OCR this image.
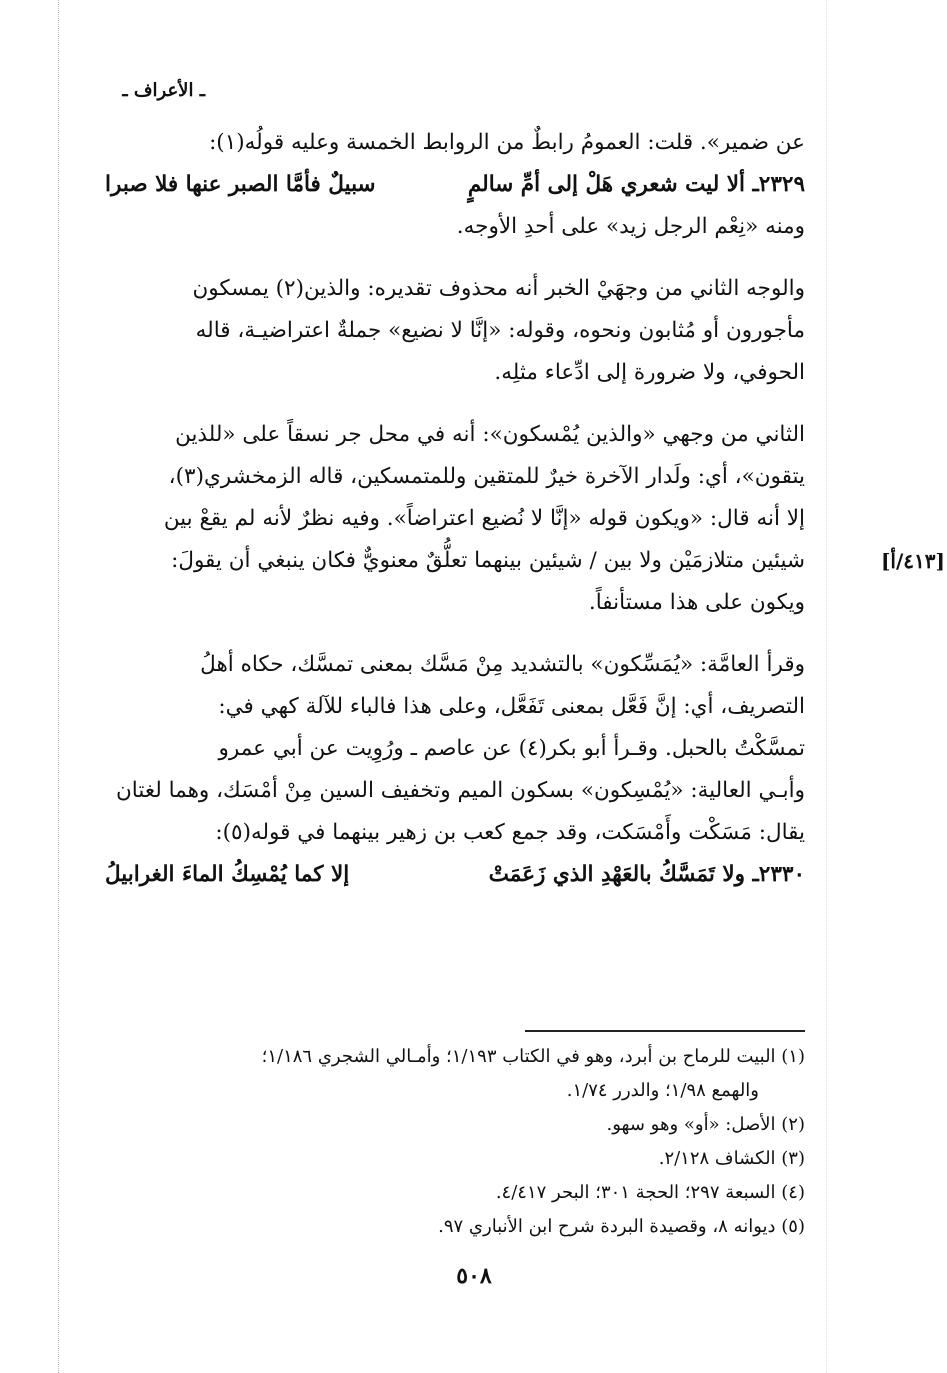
ـ الأعراف ـ
عن ضمير». قلت: العمومُ رابطٌ من الروابط الخمسة وعليه قولُه(١):
٢٣٢٩ـ ألا ليت شعري هَلْ إلى أمِّ سالمٍ
سبيلٌ فأمَّا الصبر عنها فلا صبرا
ومنه «نِعْم الرجل زيد» على أحدِ الأوجه.
والوجه الثاني من وجهَيْ الخبر أنه محذوف تقديره: والذين(٢) يمسكون
مأجورون أو مُثابون ونحوه، وقوله: «إنَّا لا نضيع» جملةٌ اعتراضيـة، قاله
الحوفي، ولا ضرورة إلى ادِّعاء مثلِه.
الثاني من وجهي «والذين يُمْسكون»: أنه في محل جر نسقاً على «للذين
يتقون»، أي: ولَدار الآخرة خيرٌ للمتقين وللمتمسكين، قاله الزمخشري(٣)،
إلا أنه قال: «ويكون قوله «إنَّا لا نُضيع اعتراضاً». وفيه نظرٌ لأنه لم يقعْ بين
شيئين متلازمَيْن ولا بين / شيئين بينهما تعلُّقٌ معنويٌّ فكان ينبغي أن يقولَ:	[٤١٣/أ]
ويكون على هذا مستأنفاً.
وقرأ العامَّة: «يُمَسِّكون» بالتشديد مِنْ مَسَّك بمعنى تمسَّك، حكاه أهلُ
التصريف، أي: إنَّ فَعَّل بمعنى تَفَعَّل، وعلى هذا فالباء للآلة كهي في:
تمسَّكْتُ بالحبل. وقـرأ أبو بكر(٤) عن عاصم ـ ورُوِيت عن أبي عمرو
وأبـي العالية: «يُمْسِكون» بسكون الميم وتخفيف السين مِنْ أمْسَك، وهما لغتان
يقال: مَسَكْت وأَمْسَكت، وقد جمع كعب بن زهير بينهما في قوله(٥):
٢٣٣٠ـ ولا تَمَسَّكُ بالعَهْدِ الذي زَعَمَتْ
إلا كما يُمْسِكُ الماءَ الغرابيلُ
(١) البيت للرماح بن أبرد، وهو في الكتاب ١/١٩٣؛ وأمـالي الشجري ١/١٨٦؛
والهمع ١/٩٨؛ والدرر ١/٧٤.
(٢) الأصل: «أو» وهو سهو.
(٣) الكشاف ٢/١٢٨.
(٤) السبعة ٢٩٧؛ الحجة ٣٠١؛ البحر ٤/٤١٧.
(٥) ديوانه ٨، وقصيدة البردة شرح ابن الأنباري ٩٧.
٥٠٨
